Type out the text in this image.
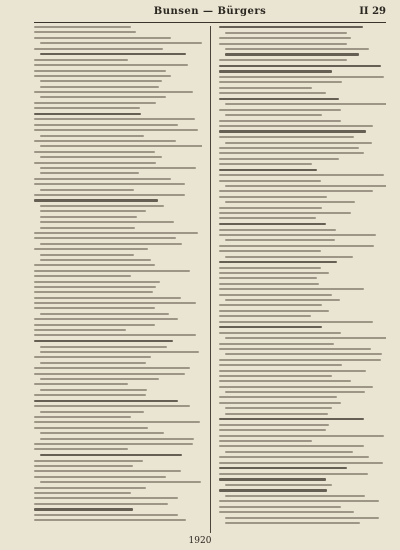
Bunsen — Bürgers	II 29
1920
